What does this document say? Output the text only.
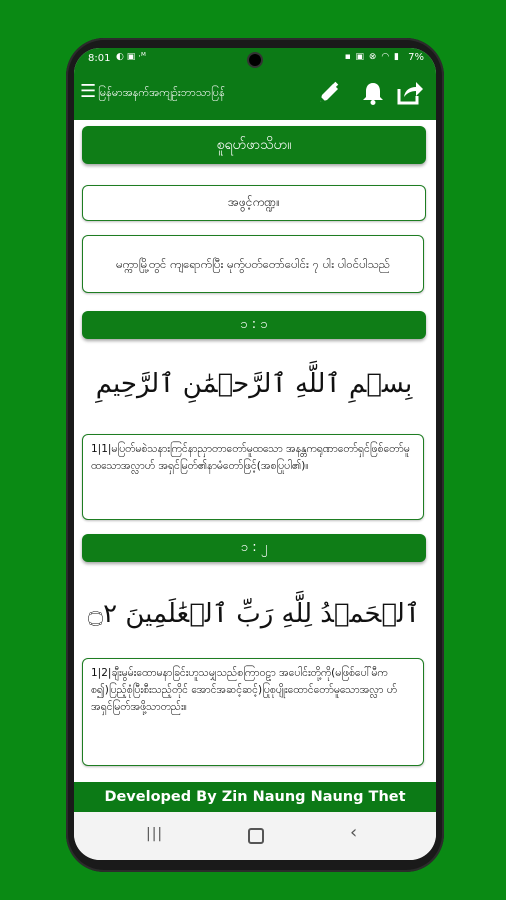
8:01 ◐ ▣ ·ᴹ	▪ ▣ ⊗ ◠ ▮ 7%
☰ မြန်မာအနက်အကျဉ်းဘာသာပြန်
စူရဟ်ဖာသိဟ။
အဖွင့်ကဏ္ဍ။
မက္ကာမြို့တွင် ကျရောက်ပြီး မုကွ်ပတ်တော်ပေါင်း ၇ ပါး ပါဝင်ပါသည်
၁ : ၁
بِسۡمِ ٱللَّهِ ٱلرَّحۡمَٰنِ ٱلرَّحِيمِ
1|1|မပြတ်မစဲသနားကြင်နာညှာတာတော်မူထသော အနန္တကရုဏာတော်ရှင်ဖြစ်တော်မူထသောအလ္လာဟ် အရှင်မြတ်၏နာမံတော်ဖြင့်(အစပြုပါ၏)။
၁ : ၂
ٱلۡحَمۡدُ لِلَّهِ رَبِّ ٱلۡعَٰلَمِينَ ۝٢
1|2|ချီးမွမ်းထောမနာခြင်းဟူသမျှသည်စကြာဝဠာ အပေါင်းတို့ကို(မဖြစ်ပေါ်မီကစ၍)ပြည့်စုံပြီးစီးသည့်တိုင် အောင်အဆင့်ဆင့်)ပြုစုပျိုးထောင်တော်မူသောအလ္လာ ဟ်အရှင်မြတ်အဖို့သာတည်း။
Developed By Zin Naung Naung Thet
|||	‹
